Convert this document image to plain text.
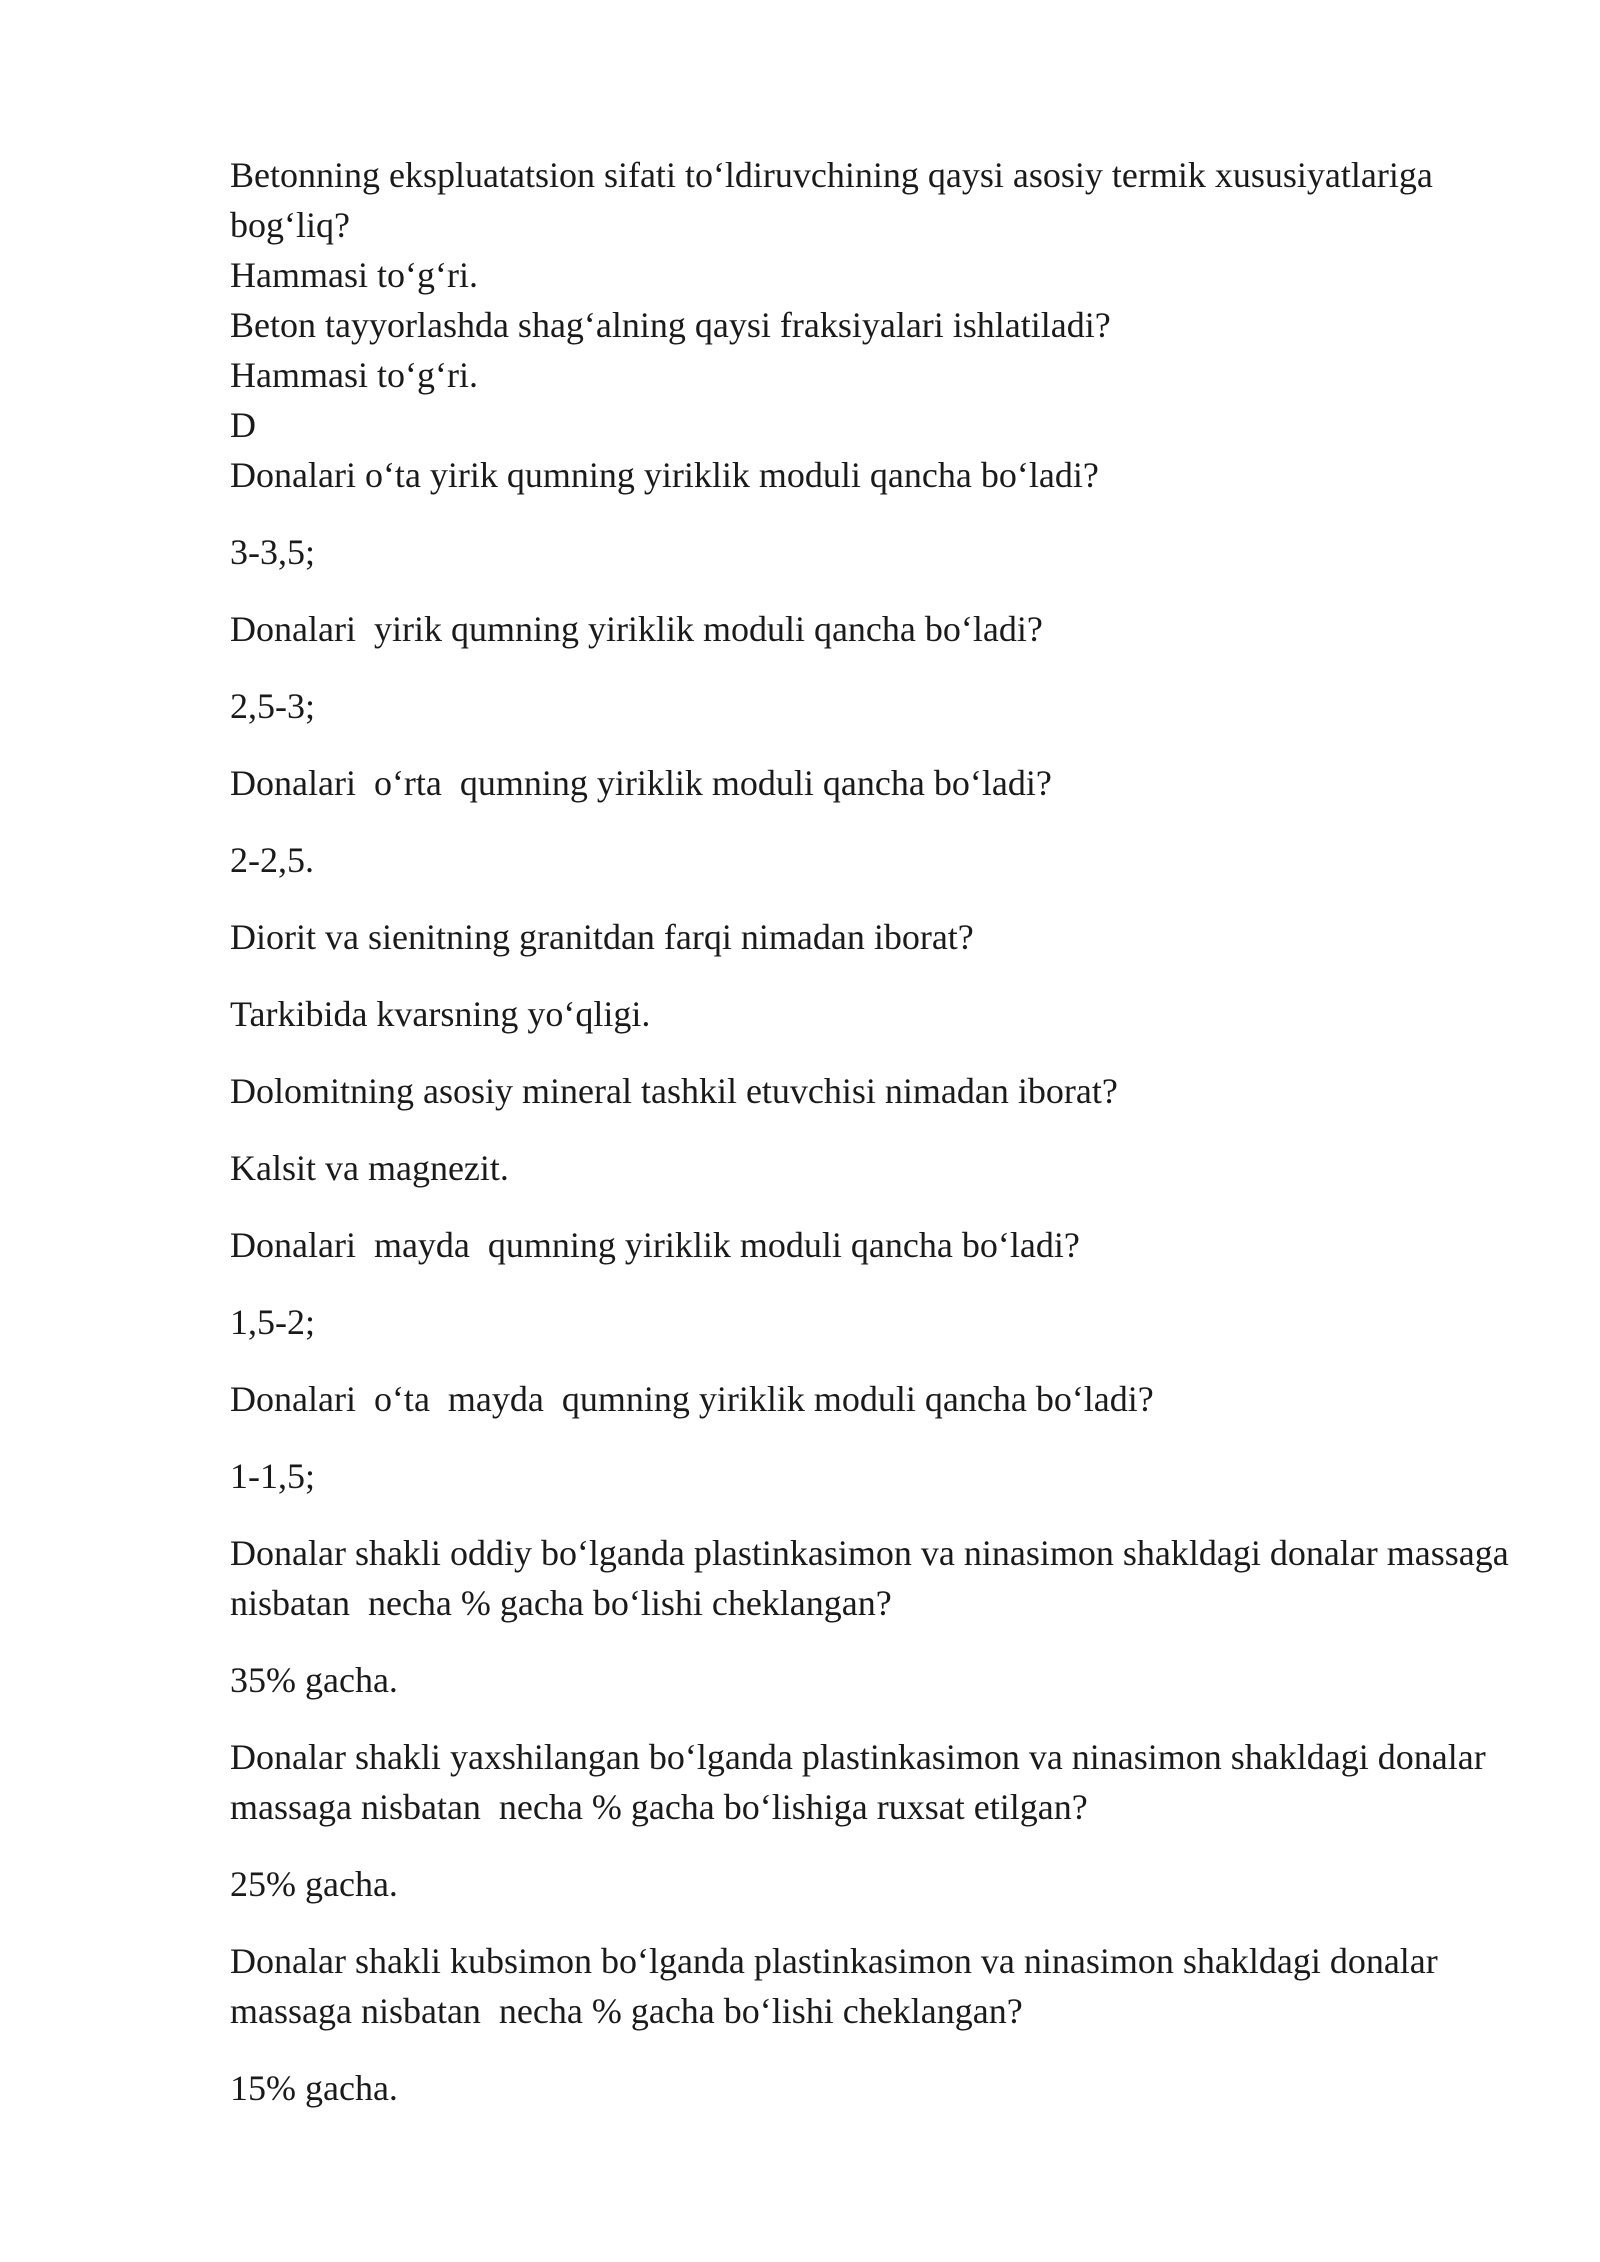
Betonning ekspluatatsion sifati to‘ldiruvchining qaysi asosiy termik xususiyatlariga bog‘liq?

Hammasi to‘g‘ri.

Beton tayyorlashda shag‘alning qaysi fraksiyalari ishlatiladi?

Hammasi to‘g‘ri.

D

Donalari o‘ta yirik qumning yiriklik moduli qancha bo‘ladi?

3-3,5;

Donalari  yirik qumning yiriklik moduli qancha bo‘ladi?

2,5-3;

Donalari  o‘rta  qumning yiriklik moduli qancha bo‘ladi?

2-2,5.

Diorit va sienitning granitdan farqi nimadan iborat?

Tarkibida kvarsning yo‘qligi.

Dolomitning asosiy mineral tashkil etuvchisi nimadan iborat?

Kalsit va magnezit.

Donalari  mayda  qumning yiriklik moduli qancha bo‘ladi?

1,5-2;

Donalari  o‘ta  mayda  qumning yiriklik moduli qancha bo‘ladi?

1-1,5;

Donalar shakli oddiy bo‘lganda plastinkasimon va ninasimon shakldagi donalar massaga nisbatan  necha % gacha bo‘lishi cheklangan?

35% gacha.

Donalar shakli yaxshilangan bo‘lganda plastinkasimon va ninasimon shakldagi donalar massaga nisbatan  necha % gacha bo‘lishiga ruxsat etilgan?

25% gacha.

Donalar shakli kubsimon bo‘lganda plastinkasimon va ninasimon shakldagi donalar massaga nisbatan  necha % gacha bo‘lishi cheklangan?

15% gacha.
